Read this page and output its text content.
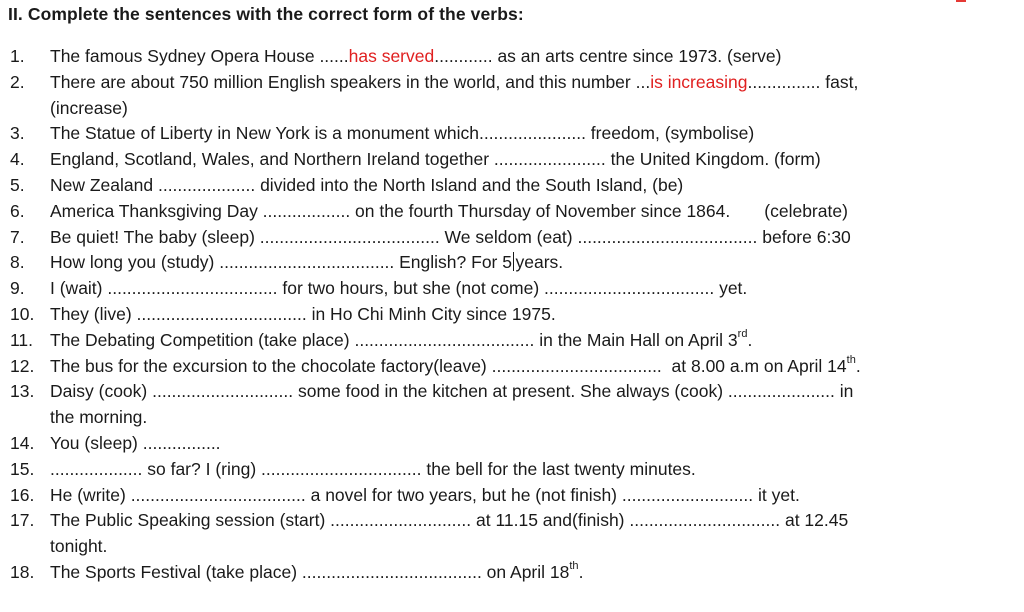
II. Complete the sentences with the correct form of the verbs:
1. The famous Sydney Opera House ......has served............ as an arts centre since 1973. (serve)
2. There are about 750 million English speakers in the world, and this number ...is increasing............... fast,
(increase)
3. The Statue of Liberty in New York is a monument which...................... freedom, (symbolise)
4. England, Scotland, Wales, and Northern Ireland together ....................... the United Kingdom. (form)
5. New Zealand .................... divided into the North Island and the South Island, (be)
6. America Thanksgiving Day .................. on the fourth Thursday of November since 1864.       (celebrate)
7. Be quiet! The baby (sleep) ..................................... We seldom (eat) ..................................... before 6:30
8. How long you (study) .................................... English? For 5 years.
9. I (wait) ................................... for two hours, but she (not come) ................................... yet.
10. They (live) ................................... in Ho Chi Minh City since 1975.
11. The Debating Competition (take place) ..................................... in the Main Hall on April 3rd.
12. The bus for the excursion to the chocolate factory(leave) ...................................  at 8.00 a.m on April 14th.
13. Daisy (cook) ............................. some food in the kitchen at present. She always (cook) ...................... in
the morning.
14. You (sleep) ................
15. ................... so far? I (ring) ................................. the bell for the last twenty minutes.
16. He (write) .................................... a novel for two years, but he (not finish) ........................... it yet.
17. The Public Speaking session (start) ............................. at 11.15 and(finish) ............................... at 12.45
tonight.
18. The Sports Festival (take place) ..................................... on April 18th.
